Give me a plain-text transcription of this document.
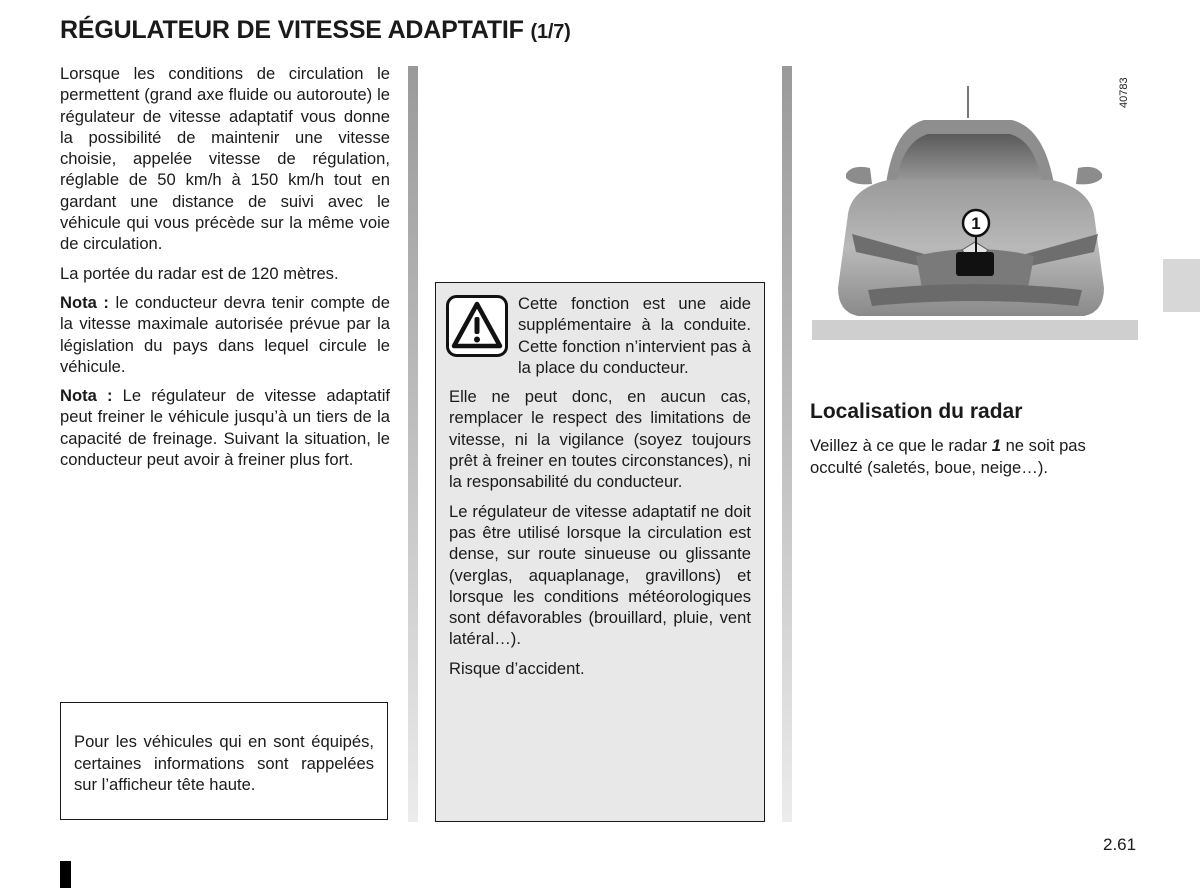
RÉGULATEUR DE VITESSE ADAPTATIF (1/7)

Lorsque les conditions de circulation le permettent (grand axe fluide ou autoroute) le régulateur de vitesse adaptatif vous donne la possibilité de maintenir une vitesse choisie, appelée vitesse de régulation, réglable de 50 km/h à 150 km/h tout en gardant une distance de suivi avec le véhicule qui vous précède sur la même voie de circulation.

La portée du radar est de 120 mètres.

Nota : le conducteur devra tenir compte de la vitesse maximale autorisée prévue par la législation du pays dans lequel circule le véhicule.

Nota : Le régulateur de vitesse adaptatif peut freiner le véhicule jusqu’à un tiers de la capacité de freinage. Suivant la situation, le conducteur peut avoir à freiner plus fort.

Pour les véhicules qui en sont équipés, certaines informations sont rappelées sur l’afficheur tête haute.

Cette fonction est une aide supplémentaire à la conduite. Cette fonction n’intervient pas à la place du conducteur.

Elle ne peut donc, en aucun cas, remplacer le respect des limitations de vitesse, ni la vigilance (soyez toujours prêt à freiner en toutes circonstances), ni la responsabilité du conducteur.

Le régulateur de vitesse adaptatif ne doit pas être utilisé lorsque la circulation est dense, sur route sinueuse ou glissante (verglas, aquaplanage, gravillons) et lorsque les conditions météorologiques sont défavorables (brouillard, pluie, vent latéral…).

Risque d’accident.

1
40783
Localisation du radar

Veillez à ce que le radar 1 ne soit pas occulté (saletés, boue, neige…).

2.61
